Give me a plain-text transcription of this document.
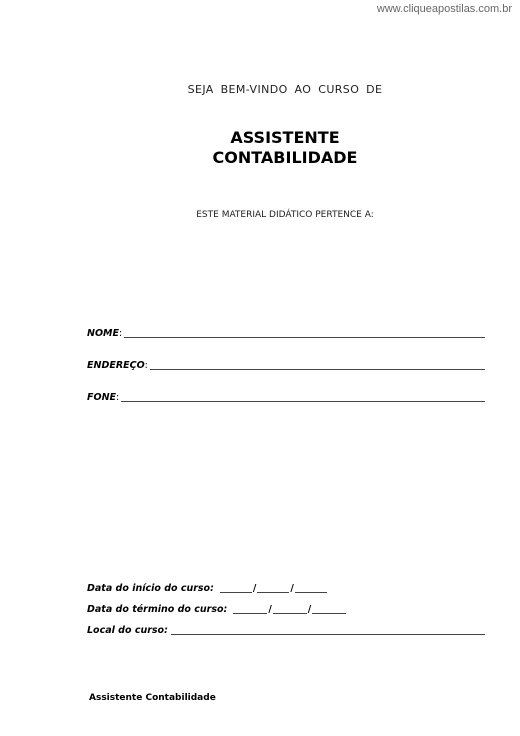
www.cliqueapostilas.com.br
SEJA BEM-VINDO AO CURSO DE
ASSISTENTE
CONTABILIDADE
ESTE MATERIAL DIDÁTICO PERTENCE A:
NOME :
ENDEREÇO :
FONE :
Data do início do curso:	/	/
Data do término do curso:	/	/
Local do curso:
Assistente Contabilidade
